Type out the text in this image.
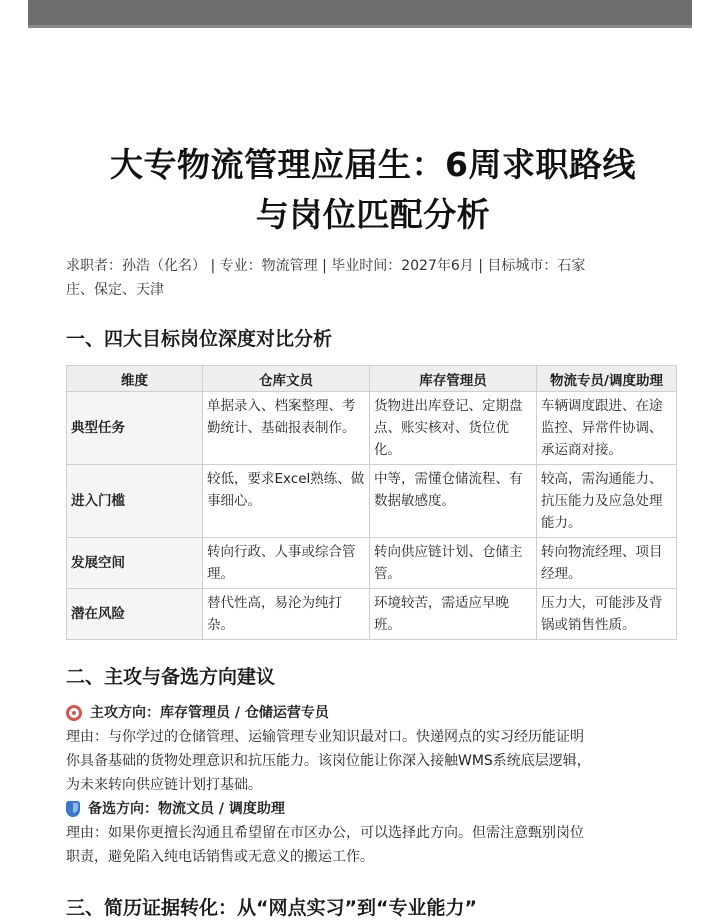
大专物流管理应届生：6周求职路线
与岗位匹配分析
求职者：孙浩（化名） | 专业：物流管理 | 毕业时间：2027年6月 | 目标城市：石家
庄、保定、天津
一、四大目标岗位深度对比分析
维度	仓库文员	库存管理员	物流专员/调度助理
典型任务	单据录入、档案整理、考勤统计、基础报表制作。	货物进出库登记、定期盘点、账实核对、货位优化。	车辆调度跟进、在途监控、异常件协调、承运商对接。
进入门槛	较低，要求Excel熟练、做事细心。	中等，需懂仓储流程、有数据敏感度。	较高，需沟通能力、抗压能力及应急处理能力。
发展空间	转向行政、人事或综合管理。	转向供应链计划、仓储主管。	转向物流经理、项目经理。
潜在风险	替代性高，易沦为纯打杂。	环境较苦，需适应早晚班。	压力大，可能涉及背锅或销售性质。
二、主攻与备选方向建议
主攻方向：库存管理员 / 仓储运营专员
理由：与你学过的仓储管理、运输管理专业知识最对口。快递网点的实习经历能证明
你具备基础的货物处理意识和抗压能力。该岗位能让你深入接触WMS系统底层逻辑，
为未来转向供应链计划打基础。
备选方向：物流文员 / 调度助理
理由：如果你更擅长沟通且希望留在市区办公，可以选择此方向。但需注意甄别岗位
职责，避免陷入纯电话销售或无意义的搬运工作。
三、简历证据转化：从“网点实习”到“专业能力”
